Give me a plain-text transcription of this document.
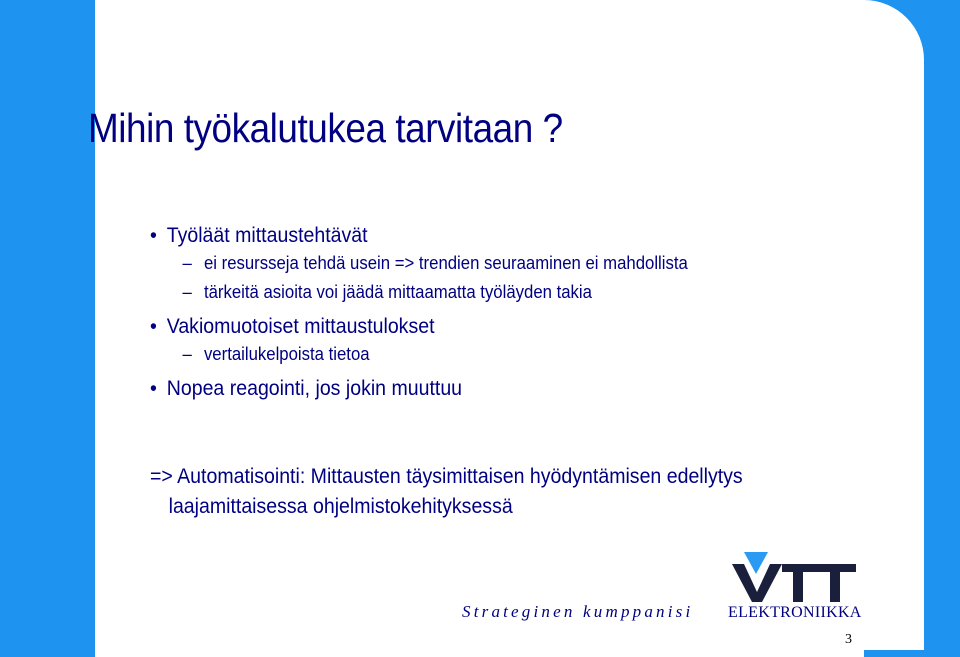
Mihin työkalutukea tarvitaan ?
• Työläät mittaustehtävät
– ei resursseja tehdä usein => trendien seuraaminen ei mahdollista
– tärkeitä asioita voi jäädä mittaamatta työläyden takia
• Vakiomuotoiset mittaustulokset
– vertailukelpoista tietoa
• Nopea reagointi, jos jokin muuttuu
=> Automatisointi: Mittausten täysimittaisen hyödyntämisen edellytys
laajamittaisessa ohjelmistokehityksessä
Strateginen kumppanisi ELEKTRONIIKKA
3
